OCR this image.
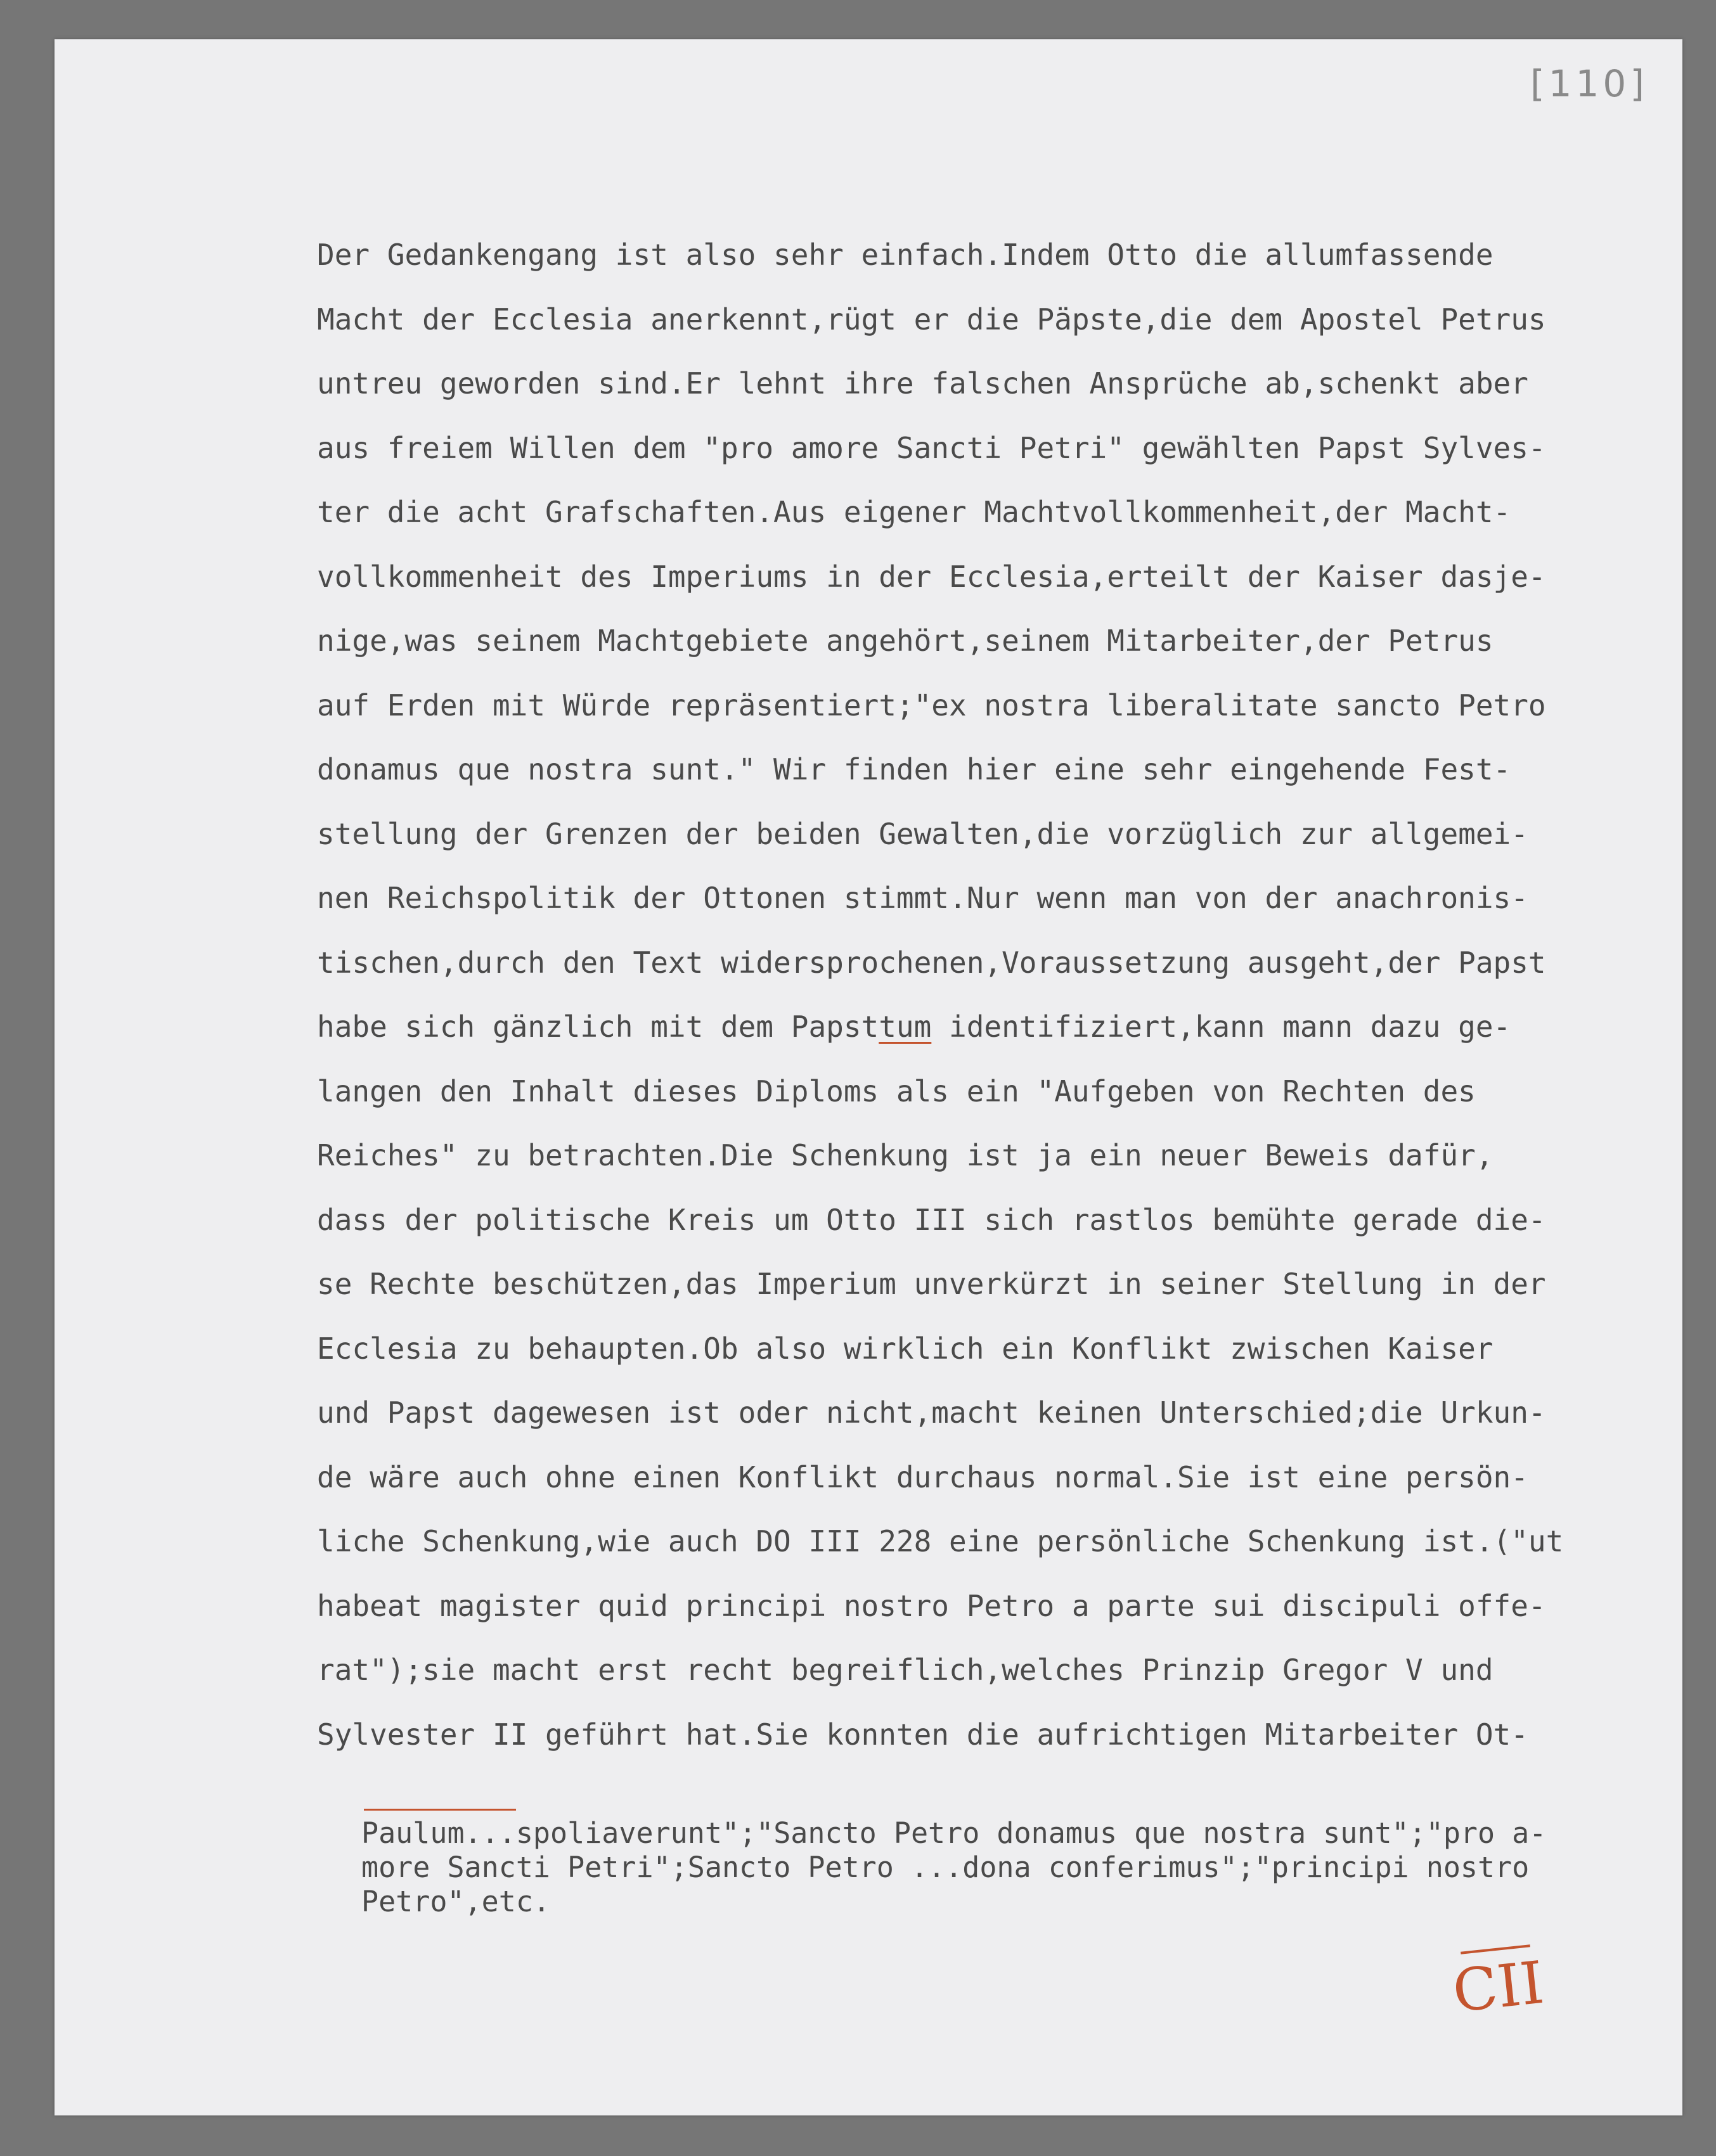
[110]
Der Gedankengang ist also sehr einfach.Indem Otto die allumfassende
Macht der Ecclesia anerkennt,rügt er die Päpste,die dem Apostel Petrus
untreu geworden sind.Er lehnt ihre falschen Ansprüche ab,schenkt aber
aus freiem Willen dem "pro amore Sancti Petri" gewählten Papst Sylves-
ter die acht Grafschaften.Aus eigener Machtvollkommenheit,der Macht-
vollkommenheit des Imperiums in der Ecclesia,erteilt der Kaiser dasje-
nige,was seinem Machtgebiete angehört,seinem Mitarbeiter,der Petrus
auf Erden mit Würde repräsentiert;"ex nostra liberalitate sancto Petro
donamus que nostra sunt." Wir finden hier eine sehr eingehende Fest-
stellung der Grenzen der beiden Gewalten,die vorzüglich zur allgemei-
nen Reichspolitik der Ottonen stimmt.Nur wenn man von der anachronis-
tischen,durch den Text widersprochenen,Voraussetzung ausgeht,der Papst
habe sich gänzlich mit dem Papsttum identifiziert,kann mann dazu ge-
langen den Inhalt dieses Diploms als ein "Aufgeben von Rechten des
Reiches" zu betrachten.Die Schenkung ist ja ein neuer Beweis dafür,
dass der politische Kreis um Otto III sich rastlos bemühte gerade die-
se Rechte beschützen,das Imperium unverkürzt in seiner Stellung in der
Ecclesia zu behaupten.Ob also wirklich ein Konflikt zwischen Kaiser
und Papst dagewesen ist oder nicht,macht keinen Unterschied;die Urkun-
de wäre auch ohne einen Konflikt durchaus normal.Sie ist eine persön-
liche Schenkung,wie auch DO III 228 eine persönliche Schenkung ist.("ut
habeat magister quid principi nostro Petro a parte sui discipuli offe-
rat");sie macht erst recht begreiflich,welches Prinzip Gregor V und
Sylvester II geführt hat.Sie konnten die aufrichtigen Mitarbeiter Ot-
Paulum...spoliaverunt";"Sancto Petro donamus que nostra sunt";"pro a-
more Sancti Petri";Sancto Petro ...dona conferimus";"principi nostro
Petro",etc.
CII
